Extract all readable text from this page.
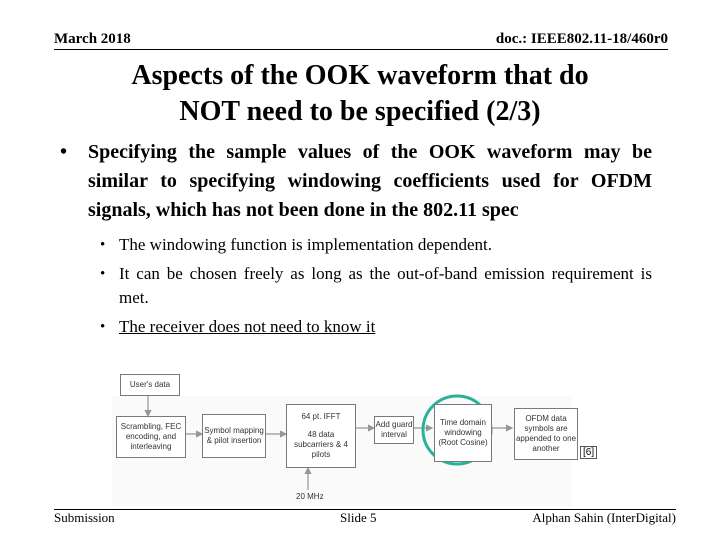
March 2018	doc.: IEEE802.11-18/460r0
Aspects of the OOK waveform that do
NOT need to be specified (2/3)
• Specifying the sample values of the OOK waveform may be similar to specifying windowing coefficients used for OFDM signals, which has not been done in the 802.11 spec
• The windowing function is implementation dependent.
• It can be chosen freely as long as the out-of-band emission requirement is met.
• The receiver does not need to know it
User's data
Scrambling, FEC encoding, and interleaving
Symbol mapping & pilot insertion
64 pt. IFFT
48 data subcarriers & 4 pilots
Add guard interval
Time domain windowing (Root Cosine)
OFDM data symbols are appended to one another
20 MHz
[6]
Submission	Slide 5	Alphan Sahin (InterDigital)
